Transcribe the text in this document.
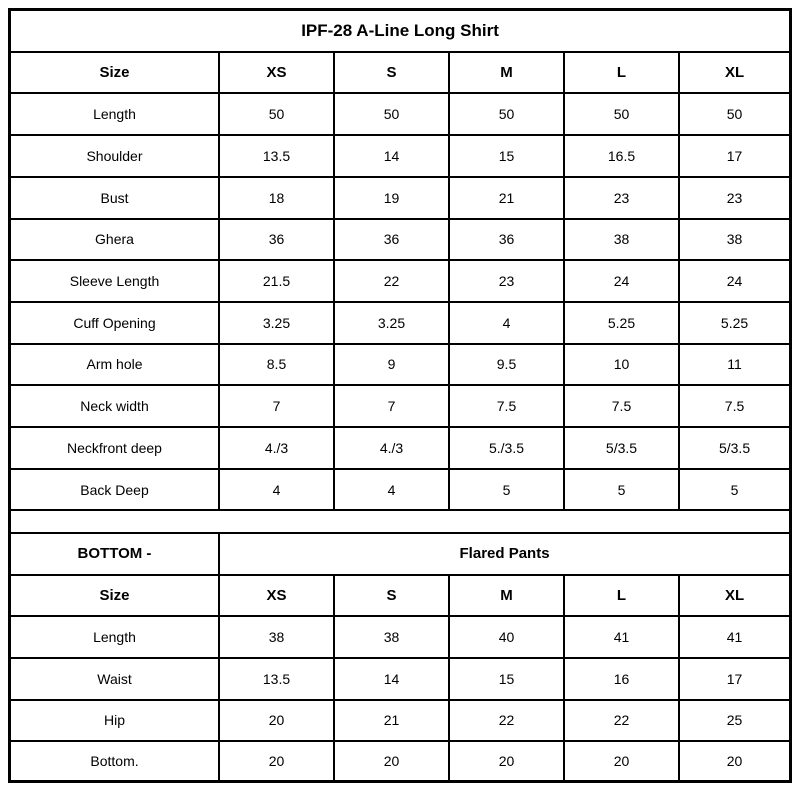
IPF-28 A-Line Long Shirt					
Size	XS	S	M	L	XL
Length	50	50	50	50	50
Shoulder	13.5	14	15	16.5	17
Bust	18	19	21	23	23
Ghera	36	36	36	38	38
Sleeve Length	21.5	22	23	24	24
Cuff Opening	3.25	3.25	4	5.25	5.25
Arm hole	8.5	9	9.5	10	11
Neck width	7	7	7.5	7.5	7.5
Neckfront deep	4./3	4./3	5./3.5	5/3.5	5/3.5
Back Deep	4	4	5	5	5

BOTTOM -	Flared Pants				
Size	XS	S	M	L	XL
Length	38	38	40	41	41
Waist	13.5	14	15	16	17
Hip	20	21	22	22	25
Bottom.	20	20	20	20	20
